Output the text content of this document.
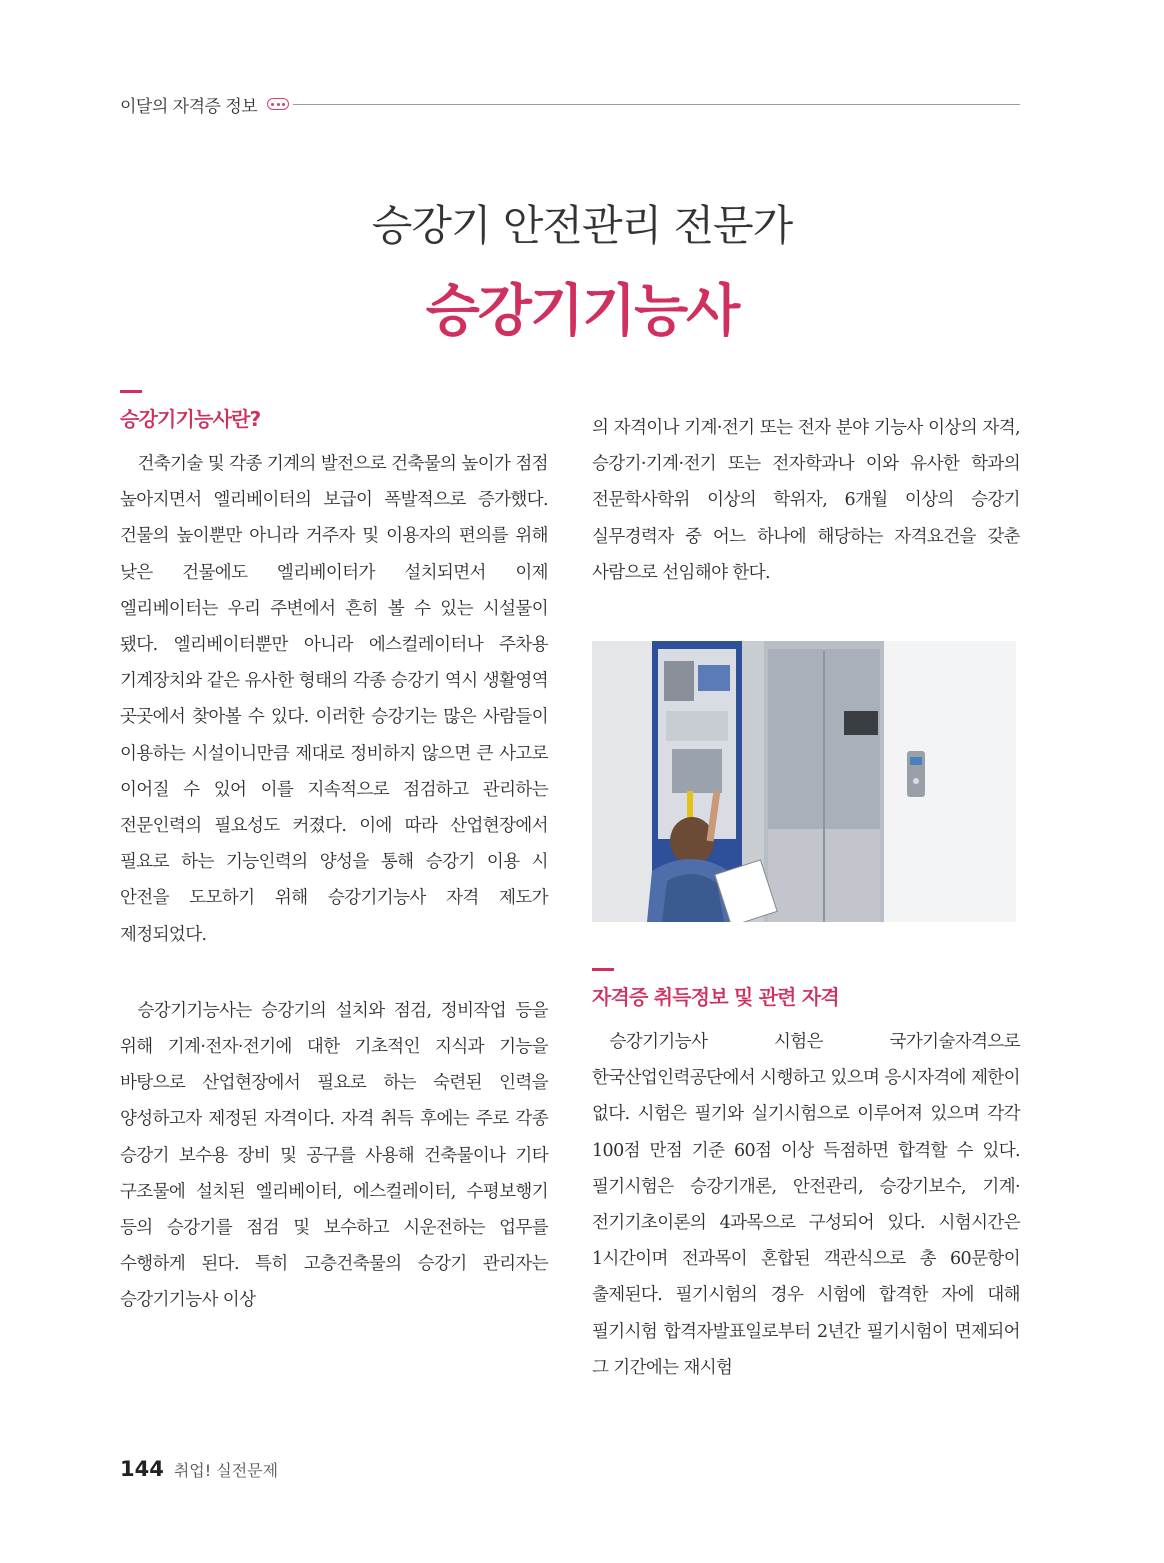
이달의 자격증 정보
승강기 안전관리 전문가
승강기기능사
승강기기능사란?

건축기술 및 각종 기계의 발전으로 건축물의 높이가 점점 높아지면서 엘리베이터의 보급이 폭발적으로 증가했다. 건물의 높이뿐만 아니라 거주자 및 이용자의 편의를 위해 낮은 건물에도 엘리베이터가 설치되면서 이제 엘리베이터는 우리 주변에서 흔히 볼 수 있는 시설물이 됐다. 엘리베이터뿐만 아니라 에스컬레이터나 주차용 기계장치와 같은 유사한 형태의 각종 승강기 역시 생활영역 곳곳에서 찾아볼 수 있다. 이러한 승강기는 많은 사람들이 이용하는 시설이니만큼 제대로 정비하지 않으면 큰 사고로 이어질 수 있어 이를 지속적으로 점검하고 관리하는 전문인력의 필요성도 커졌다. 이에 따라 산업현장에서 필요로 하는 기능인력의 양성을 통해 승강기 이용 시 안전을 도모하기 위해 승강기기능사 자격 제도가 제정되었다.

승강기기능사는 승강기의 설치와 점검, 정비작업 등을 위해 기계·전자·전기에 대한 기초적인 지식과 기능을 바탕으로 산업현장에서 필요로 하는 숙련된 인력을 양성하고자 제정된 자격이다. 자격 취득 후에는 주로 각종 승강기 보수용 장비 및 공구를 사용해 건축물이나 기타 구조물에 설치된 엘리베이터, 에스컬레이터, 수평보행기 등의 승강기를 점검 및 보수하고 시운전하는 업무를 수행하게 된다. 특히 고층건축물의 승강기 관리자는 승강기기능사 이상

의 자격이나 기계·전기 또는 전자 분야 기능사 이상의 자격, 승강기·기계·전기 또는 전자학과나 이와 유사한 학과의 전문학사학위 이상의 학위자, 6개월 이상의 승강기 실무경력자 중 어느 하나에 해당하는 자격요건을 갖춘 사람으로 선임해야 한다.

자격증 취득정보 및 관련 자격

승강기기능사 시험은 국가기술자격으로 한국산업인력공단에서 시행하고 있으며 응시자격에 제한이 없다. 시험은 필기와 실기시험으로 이루어져 있으며 각각 100점 만점 기준 60점 이상 득점하면 합격할 수 있다. 필기시험은 승강기개론, 안전관리, 승강기보수, 기계·전기기초이론의 4과목으로 구성되어 있다. 시험시간은 1시간이며 전과목이 혼합된 객관식으로 총 60문항이 출제된다. 필기시험의 경우 시험에 합격한 자에 대해 필기시험 합격자발표일로부터 2년간 필기시험이 면제되어 그 기간에는 재시험

144 취업! 실전문제
